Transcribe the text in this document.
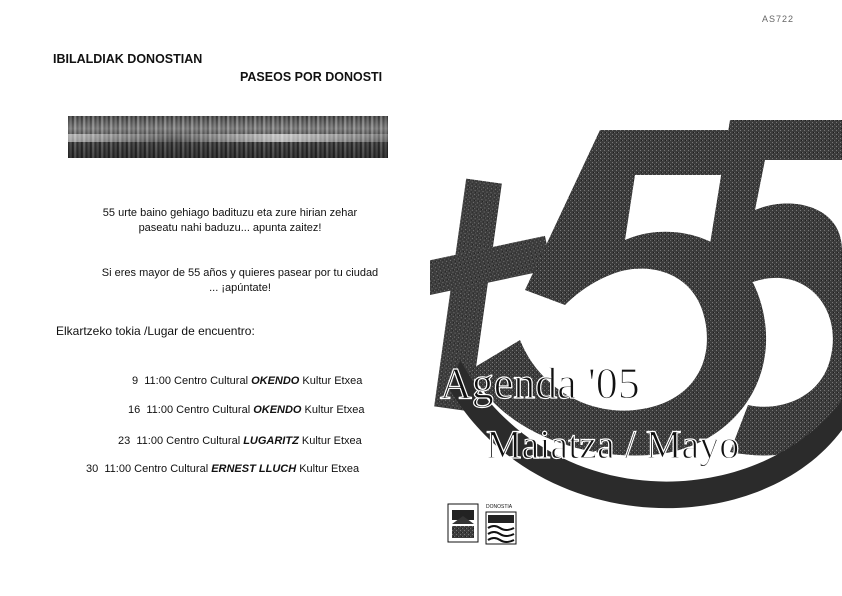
AS722
IBILALDIAK DONOSTIAN
PASEOS POR DONOSTI
55 urte baino gehiago badituzu eta zure hirian zehar
paseatu nahi baduzu... apunta zaitez!
Si eres mayor de 55 años y quieres pasear por tu ciudad
... ¡apúntate!
Elkartzeko tokia /Lugar de encuentro:
9 11:00 Centro Cultural OKENDO Kultur Etxea
16 11:00 Centro Cultural OKENDO Kultur Etxea
23 11:00 Centro Cultural LUGARITZ Kultur Etxea
30 11:00 Centro Cultural ERNEST LLUCH Kultur Etxea
Agenda '05
Maiatza / Mayo
DONOSTIA
